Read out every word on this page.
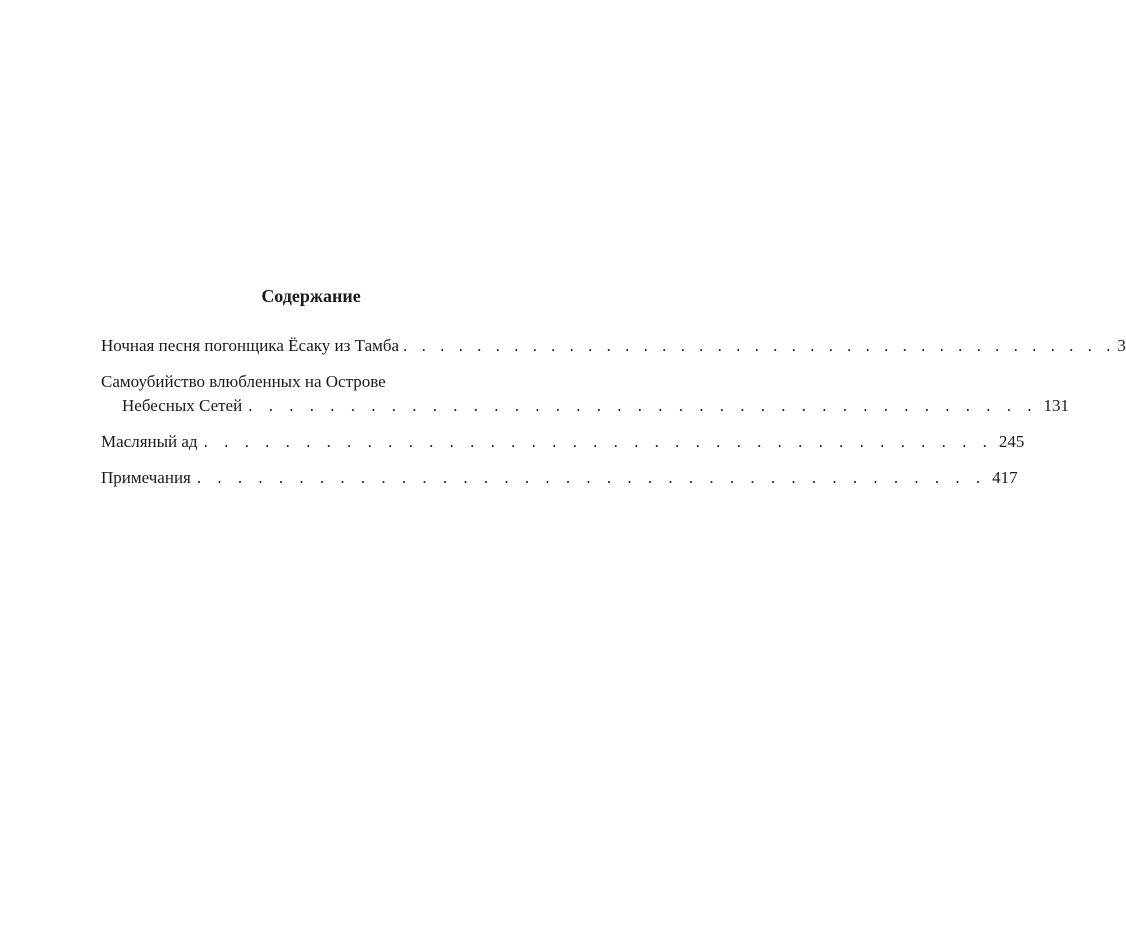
Содержание
Ночная песня погонщика Ёсаку из Тамба . . . . . . . . . . . . . . . . . . . . . . . . . . . . . . . . . . . . . . . 3
Самоубийство влюбленных на Острове
Небесных Сетей . . . . . . . . . . . . . . . . . . . . . . . . . . . . . . . . . . . . . . . 131
Масляный ад . . . . . . . . . . . . . . . . . . . . . . . . . . . . . . . . . . . . . . . 245
Примечания . . . . . . . . . . . . . . . . . . . . . . . . . . . . . . . . . . . . . . . 417
